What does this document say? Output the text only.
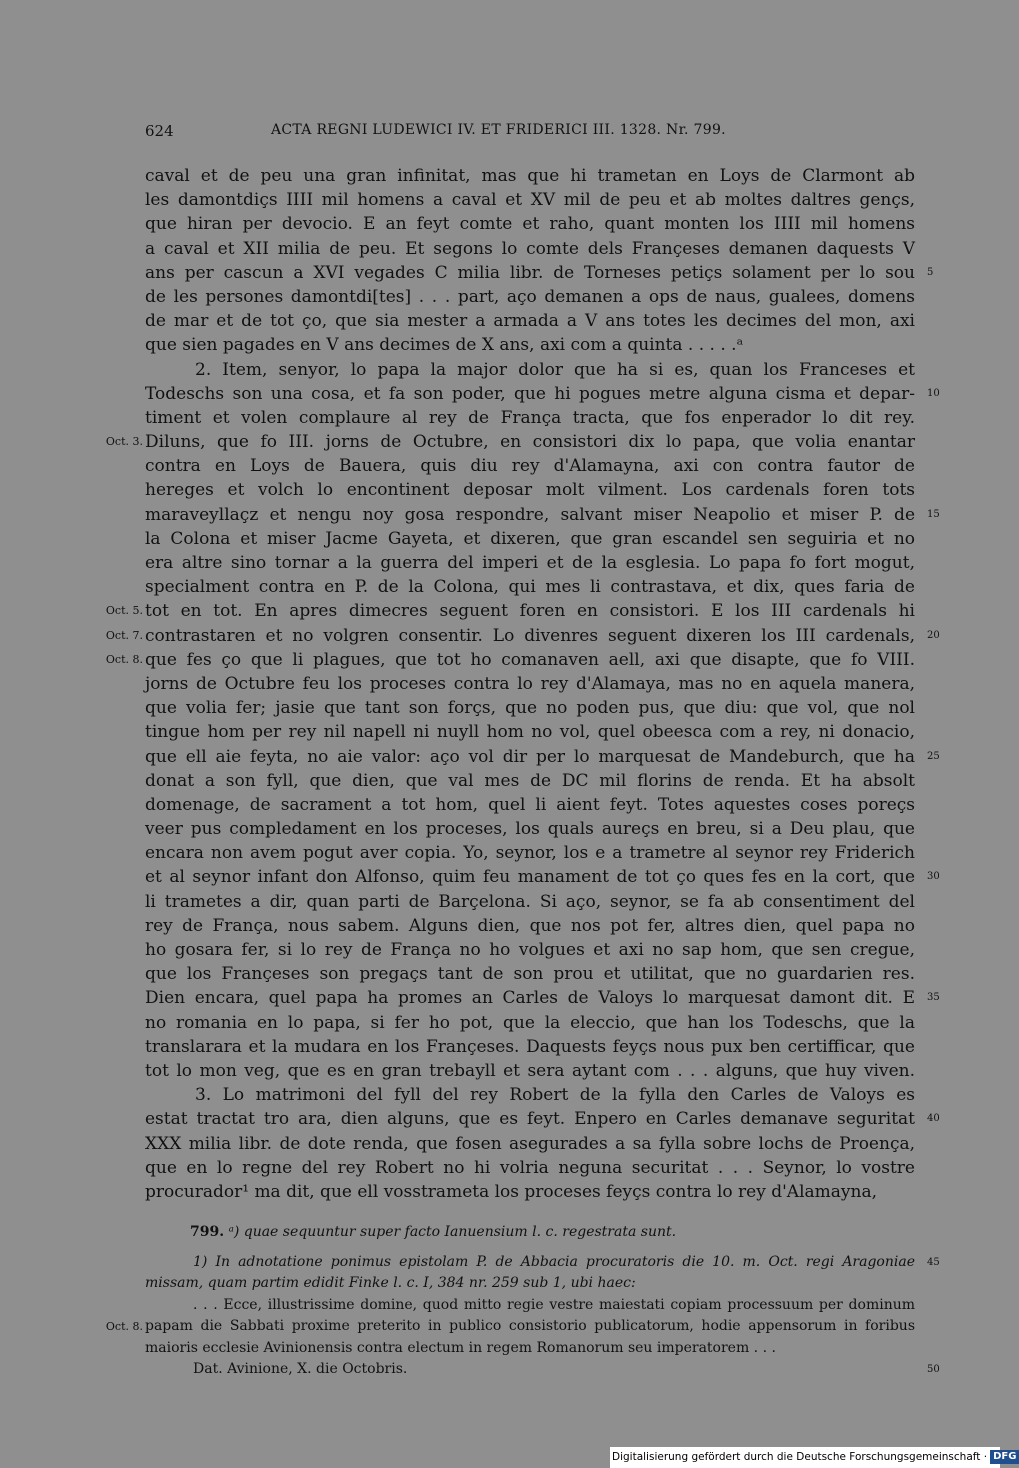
624	ACTA REGNI LUDEWICI IV. ET FRIDERICI III. 1328. Nr. 799.
caval et de peu una gran infinitat, mas que hi trametan en Loys de Clarmont ab
les damontdiçs IIII mil homens a caval et XV mil de peu et ab moltes daltres gençs,
que hiran per devocio. E an feyt comte et raho, quant monten los IIII mil homens
a caval et XII milia de peu. Et segons lo comte dels Françeses demanen daquests V
ans per cascun a XVI vegades C milia libr. de Torneses petiçs solament per lo sou 5
de les persones damontdi[tes] . . . part, aço demanen a ops de naus, gualees, domens
de mar et de tot ço, que sia mester a armada a V ans totes les decimes del mon, axi
que sien pagades en V ans decimes de X ans, axi com a quinta . . . . .ᵃ
2. Item, senyor, lo papa la major dolor que ha si es, quan los Franceses et
Todeschs son una cosa, et fa son poder, que hi pogues metre alguna cisma et depar- 10
timent et volen complaure al rey de França tracta, que fos enperador lo dit rey.
Oct. 3. Diluns, que fo III. jorns de Octubre, en consistori dix lo papa, que volia enantar
contra en Loys de Bauera, quis diu rey d'Alamayna, axi con contra fautor de
hereges et volch lo encontinent deposar molt vilment. Los cardenals foren tots
maraveyllaçz et nengu noy gosa respondre, salvant miser Neapolio et miser P. de 15
la Colona et miser Jacme Gayeta, et dixeren, que gran escandel sen seguiria et no
era altre sino tornar a la guerra del imperi et de la esglesia. Lo papa fo fort mogut,
specialment contra en P. de la Colona, qui mes li contrastava, et dix, ques faria de
Oct. 5. tot en tot. En apres dimecres seguent foren en consistori. E los III cardenals hi
Oct. 7. contrastaren et no volgren consentir. Lo divenres seguent dixeren los III cardenals, 20
Oct. 8. que fes ço que li plagues, que tot ho comanaven aell, axi que disapte, que fo VIII.
jorns de Octubre feu los proceses contra lo rey d'Alamaya, mas no en aquela manera,
que volia fer; jasie que tant son forçs, que no poden pus, que diu: que vol, que nol
tingue hom per rey nil napell ni nuyll hom no vol, quel obeesca com a rey, ni donacio,
que ell aie feyta, no aie valor: aço vol dir per lo marquesat de Mandeburch, que ha 25
donat a son fyll, que dien, que val mes de DC mil florins de renda. Et ha absolt
domenage, de sacrament a tot hom, quel li aient feyt. Totes aquestes coses poreçs
veer pus compledament en los proceses, los quals aureçs en breu, si a Deu plau, que
encara non avem pogut aver copia. Yo, seynor, los e a trametre al seynor rey Friderich
et al seynor infant don Alfonso, quim feu manament de tot ço ques fes en la cort, que 30
li trametes a dir, quan parti de Barçelona. Si aço, seynor, se fa ab consentiment del
rey de França, nous sabem. Alguns dien, que nos pot fer, altres dien, quel papa no
ho gosara fer, si lo rey de França no ho volgues et axi no sap hom, que sen cregue,
que los Françeses son pregaçs tant de son prou et utilitat, que no guardarien res.
Dien encara, quel papa ha promes an Carles de Valoys lo marquesat damont dit. E 35
no romania en lo papa, si fer ho pot, que la eleccio, que han los Todeschs, que la
translarara et la mudara en los Françeses. Daquests feyçs nous pux ben certifficar, que
tot lo mon veg, que es en gran trebayll et sera aytant com . . . alguns, que huy viven.
3. Lo matrimoni del fyll del rey Robert de la fylla den Carles de Valoys es
estat tractat tro ara, dien alguns, que es feyt. Enpero en Carles demanave seguritat 40
XXX milia libr. de dote renda, que fosen asegurades a sa fylla sobre lochs de Proença,
que en lo regne del rey Robert no hi volria neguna securitat . . . Seynor, lo vostre
procurador¹ ma dit, que ell vosstrameta los proceses feyçs contra lo rey d'Alamayna,
799. ᵃ) quae sequuntur super facto Ianuensium l. c. regestrata sunt.
1) In adnotatione ponimus epistolam P. de Abbacia procuratoris die 10. m. Oct. regi Aragoniae 45
missam, quam partim edidit Finke l. c. I, 384 nr. 259 sub 1, ubi haec:
. . . Ecce, illustrissime domine, quod mitto regie vestre maiestati copiam processuum per dominum
Oct. 8. papam die Sabbati proxime preterito in publico consistorio publicatorum, hodie appensorum in foribus
maioris ecclesie Avinionensis contra electum in regem Romanorum seu imperatorem . . .
Dat. Avinione, X. die Octobris.	50
Digitalisierung gefördert durch die Deutsche Forschungsgemeinschaft · DFG
